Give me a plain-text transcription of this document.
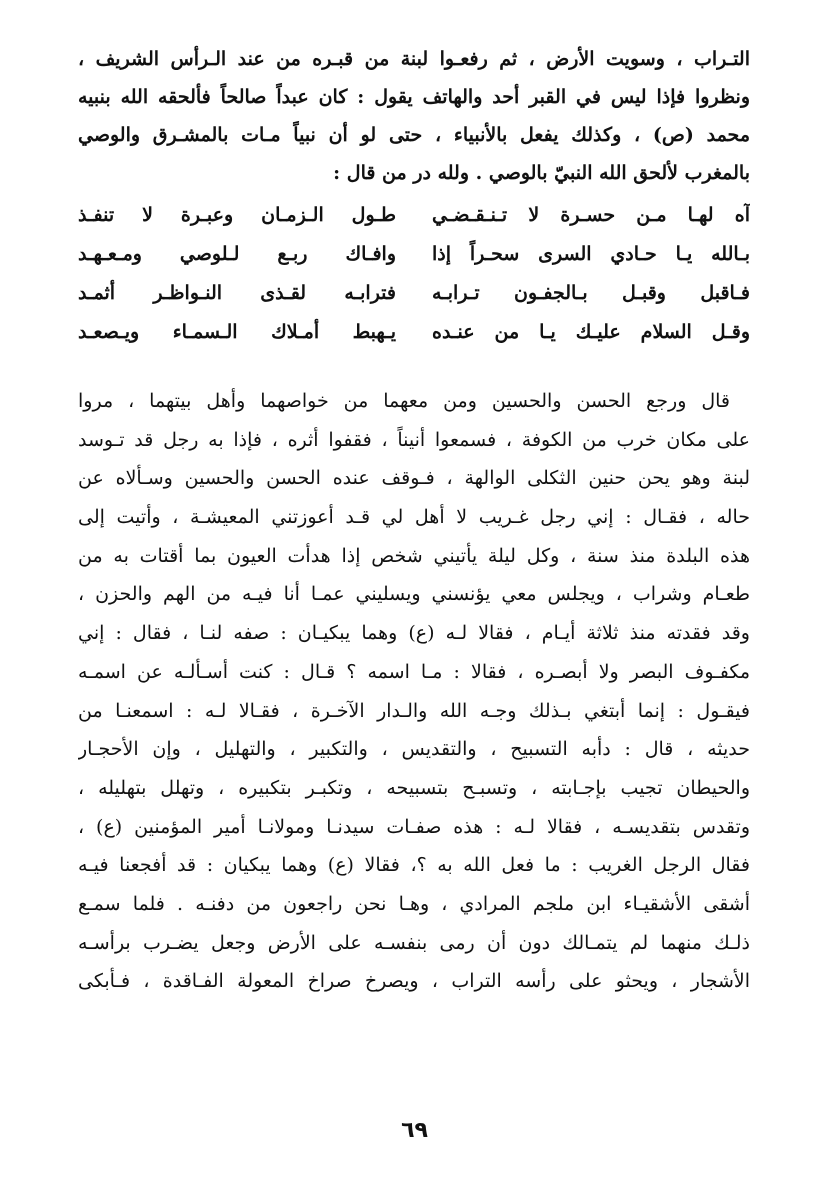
التـراب ، وسويت الأرض ، ثم رفعـوا لبنة من قبـره من عند الـرأس الشريف ،
ونظروا فإذا ليس في القبر أحد والهاتف يقول : كان عبداً صالحاً فألحقه الله بنبيه
محمد (ص) ، وكذلك يفعل بالأنبياء ، حتى لو أن نبياً مـات بالمشـرق والوصي
بالمغرب لألحق الله النبيّ بالوصي . ولله در من قال :
آه لهـا مـن حسـرة لا تـنـقـضـي
طـول الـزمـان وعبـرة لا تنفـذ
بـالله يـا حـادي السرى سحـراً إذا
وافـاك ربـع لـلوصي ومـعـهـد
فـاقبل وقبـل بـالجفـون تـرابـه
فترابـه لقـذى النـواظـر أثمـد
وقـل السلام عليـك يـا من عنـده
يـهبط أمـلاك الـسمـاء ويـصعـد
قال ورجع الحسن والحسين ومن معهما من خواصهما وأهل بيتهما ، مروا
على مكان خرب من الكوفة ، فسمعوا أنيناً ، فقفوا أثره ، فإذا به رجل قد تـوسد
لبنة وهو يحن حنين الثكلى الوالهة ، فـوقف عنده الحسن والحسين وسـألاه عن
حاله ، فقـال : إني رجل غـريب لا أهل لي قـد أعوزتني المعيشـة ، وأتيت إلى
هذه البلدة منذ سنة ، وكل ليلة يأتيني شخص إذا هدأت العيون بما أقتات به من
طعـام وشراب ، ويجلس معي يؤنسني ويسليني عمـا أنا فيـه من الهم والحزن ،
وقد فقدته منذ ثلاثة أيـام ، فقالا لـه (ع) وهما يبكيـان : صفه لنـا ، فقال : إني
مكفـوف البصر ولا أبصـره ، فقالا : مـا اسمه ؟ قـال : كنت أسـألـه عن اسمـه
فيقـول : إنما أبتغي بـذلك وجـه الله والـدار الآخـرة ، فقـالا لـه : اسمعنـا من
حديثه ، قال : دأبه التسبيح ، والتقديس ، والتكبير ، والتهليل ، وإن الأحجـار
والحيطان تجيب بإجـابته ، وتسبـح بتسبيحه ، وتكبـر بتكبيره ، وتهلل بتهليله ،
وتقدس بتقديسـه ، فقالا لـه : هذه صفـات سيدنـا ومولانـا أمير المؤمنين (ع) ،
فقال الرجل الغريب : ما فعل الله به ؟، فقالا (ع) وهما يبكيان : قد أفجعنا فيـه
أشقى الأشقيـاء ابن ملجم المرادي ، وهـا نحن راجعون من دفنـه . فلما سمـع
ذلـك منهما لم يتمـالك دون أن رمى بنفسـه على الأرض وجعل يضـرب برأسـه
الأشجار ، ويحثو على رأسه التراب ، ويصرخ صراخ المعولة الفـاقدة ، فـأبكى
٦٩
